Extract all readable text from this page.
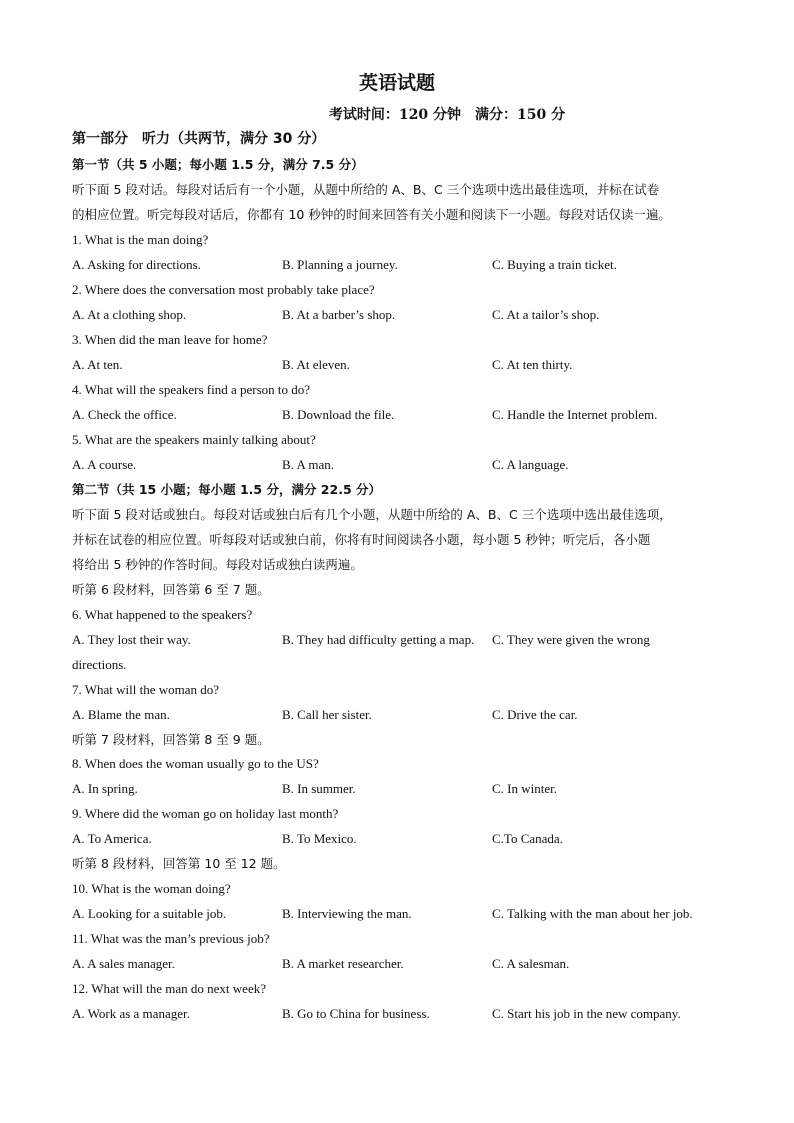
英语试题
考试时间：120 分钟　满分：150 分
第一部分　听力（共两节，满分 30 分）
第一节（共 5 小题；每小题 1.5 分，满分 7.5 分）
听下面 5 段对话。每段对话后有一个小题，从题中所给的 A、B、C 三个选项中选出最佳选项，并标在试卷
的相应位置。听完每段对话后，你都有 10 秒钟的时间来回答有关小题和阅读下一小题。每段对话仅读一遍。
1. What is the man doing?
A. Asking for directions.	B. Planning a journey.	C. Buying a train ticket.
2. Where does the conversation most probably take place?
A. At a clothing shop.	B. At a barber’s shop.	C. At a tailor’s shop.
3. When did the man leave for home?
A. At ten.	B. At eleven.	C. At ten thirty.
4. What will the speakers find a person to do?
A. Check the office.	B. Download the file.	C. Handle the Internet problem.
5. What are the speakers mainly talking about?
A. A course.	B. A man.	C. A language.
第二节（共 15 小题；每小题 1.5 分，满分 22.5 分）
听下面 5 段对话或独白。每段对话或独白后有几个小题，从题中所给的 A、B、C 三个选项中选出最佳选项，
并标在试卷的相应位置。听每段对话或独白前，你将有时间阅读各小题，每小题 5 秒钟；听完后，各小题
将给出 5 秒钟的作答时间。每段对话或独白读两遍。
听第 6 段材料，回答第 6 至 7 题。
6. What happened to the speakers?
A. They lost their way.	B. They had difficulty getting a map. C. They were given the wrong
directions.
7. What will the woman do?
A. Blame the man.	B. Call her sister.	C. Drive the car.
听第 7 段材料，回答第 8 至 9 题。
8. When does the woman usually go to the US?
A. In spring.	B. In summer.	C. In winter.
9. Where did the woman go on holiday last month?
A. To America.	B. To Mexico.	C.To Canada.
听第 8 段材料，回答第 10 至 12 题。
10. What is the woman doing?
A. Looking for a suitable job.	B. Interviewing the man.	C. Talking with the man about her job.
11. What was the man’s previous job?
A. A sales manager.	B. A market researcher.	C. A salesman.
12. What will the man do next week?
A. Work as a manager.	B. Go to China for business.	C. Start his job in the new company.
